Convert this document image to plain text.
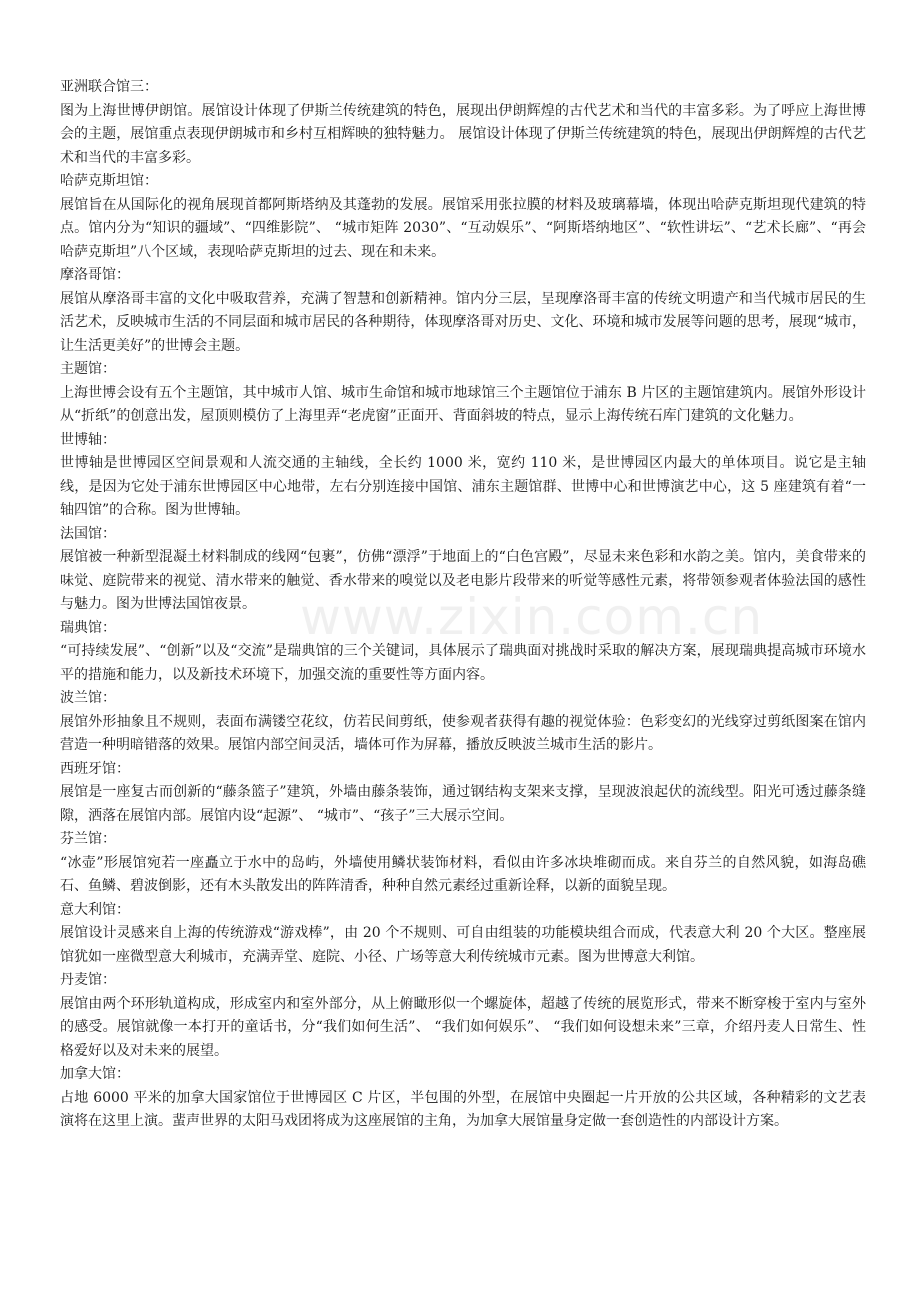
www.zixin.com.cn

亚洲联合馆三：

图为上海世博伊朗馆。展馆设计体现了伊斯兰传统建筑的特色，展现出伊朗辉煌的古代艺术和当代的丰富多彩。为了呼应上海世博会的主题，展馆重点表现伊朗城市和乡村互相辉映的独特魅力。 展馆设计体现了伊斯兰传统建筑的特色，展现出伊朗辉煌的古代艺术和当代的丰富多彩。

哈萨克斯坦馆：

展馆旨在从国际化的视角展现首都阿斯塔纳及其蓬勃的发展。展馆采用张拉膜的材料及玻璃幕墙，体现出哈萨克斯坦现代建筑的特点。馆内分为“知识的疆域”、“四维影院”、 “城市矩阵 2030”、“互动娱乐”、“阿斯塔纳地区”、“软性讲坛”、“艺术长廊”、“再会哈萨克斯坦”八个区域，表现哈萨克斯坦的过去、现在和未来。

摩洛哥馆：

展馆从摩洛哥丰富的文化中吸取营养，充满了智慧和创新精神。馆内分三层，呈现摩洛哥丰富的传统文明遗产和当代城市居民的生活艺术，反映城市生活的不同层面和城市居民的各种期待，体现摩洛哥对历史、文化、环境和城市发展等问题的思考，展现“城市，让生活更美好”的世博会主题。

主题馆：

上海世博会设有五个主题馆，其中城市人馆、城市生命馆和城市地球馆三个主题馆位于浦东 B 片区的主题馆建筑内。展馆外形设计从“折纸”的创意出发，屋顶则模仿了上海里弄“老虎窗”正面开、背面斜坡的特点，显示上海传统石库门建筑的文化魅力。

世博轴：

世博轴是世博园区空间景观和人流交通的主轴线，全长约 1000 米，宽约 110 米，是世博园区内最大的单体项目。说它是主轴线，是因为它处于浦东世博园区中心地带，左右分别连接中国馆、浦东主题馆群、世博中心和世博演艺中心，这 5 座建筑有着“一轴四馆”的合称。图为世博轴。

法国馆：

展馆被一种新型混凝土材料制成的线网“包裹”，仿佛“漂浮”于地面上的“白色宫殿”，尽显未来色彩和水韵之美。馆内，美食带来的味觉、庭院带来的视觉、清水带来的触觉、香水带来的嗅觉以及老电影片段带来的听觉等感性元素，将带领参观者体验法国的感性与魅力。图为世博法国馆夜景。

瑞典馆：

“可持续发展”、“创新”以及“交流”是瑞典馆的三个关键词，具体展示了瑞典面对挑战时采取的解决方案，展现瑞典提高城市环境水平的措施和能力，以及新技术环境下，加强交流的重要性等方面内容。

波兰馆：

展馆外形抽象且不规则，表面布满镂空花纹，仿若民间剪纸，使参观者获得有趣的视觉体验：色彩变幻的光线穿过剪纸图案在馆内营造一种明暗错落的效果。展馆内部空间灵活，墙体可作为屏幕，播放反映波兰城市生活的影片。

西班牙馆：

展馆是一座复古而创新的“藤条篮子”建筑，外墙由藤条装饰，通过钢结构支架来支撑，呈现波浪起伏的流线型。阳光可透过藤条缝隙，洒落在展馆内部。展馆内设“起源”、 “城市”、“孩子”三大展示空间。

芬兰馆：

“冰壶”形展馆宛若一座矗立于水中的岛屿，外墙使用鳞状装饰材料，看似由许多冰块堆砌而成。来自芬兰的自然风貌，如海岛礁石、鱼鳞、碧波倒影，还有木头散发出的阵阵清香，种种自然元素经过重新诠释，以新的面貌呈现。

意大利馆：

展馆设计灵感来自上海的传统游戏“游戏棒”，由 20 个不规则、可自由组装的功能模块组合而成，代表意大利 20 个大区。整座展馆犹如一座微型意大利城市，充满弄堂、庭院、小径、广场等意大利传统城市元素。图为世博意大利馆。

丹麦馆：

展馆由两个环形轨道构成，形成室内和室外部分，从上俯瞰形似一个螺旋体，超越了传统的展览形式，带来不断穿梭于室内与室外的感受。展馆就像一本打开的童话书，分“我们如何生活”、 “我们如何娱乐”、 “我们如何设想未来”三章，介绍丹麦人日常生、性格爱好以及对未来的展望。

加拿大馆：

占地 6000 平米的加拿大国家馆位于世博园区 C 片区，半包围的外型，在展馆中央圈起一片开放的公共区域，各种精彩的文艺表演将在这里上演。蜚声世界的太阳马戏团将成为这座展馆的主角，为加拿大展馆量身定做一套创造性的内部设计方案。
